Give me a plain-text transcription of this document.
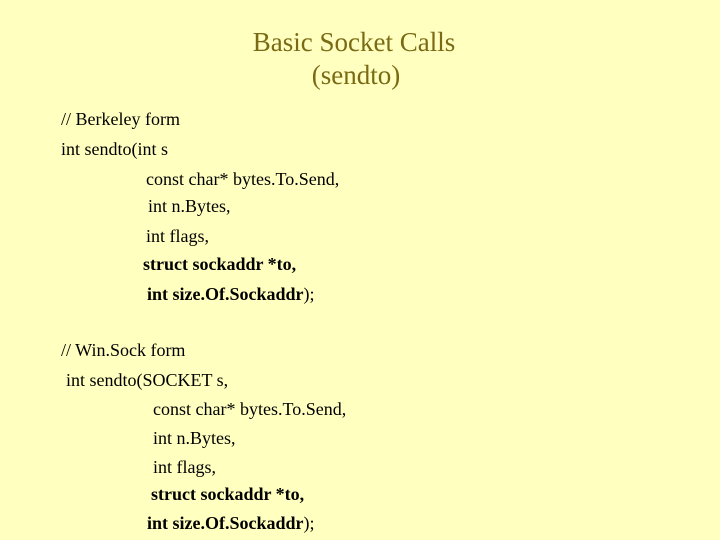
Basic Socket Calls
(sendto)
// Berkeley form
int sendto(int s
const char* bytes.To.Send,
int n.Bytes,
int flags,
struct sockaddr *to,
int size.Of.Sockaddr);
// Win.Sock form
int sendto(SOCKET s,
const char* bytes.To.Send,
int n.Bytes,
int flags,
struct sockaddr *to,
int size.Of.Sockaddr);
